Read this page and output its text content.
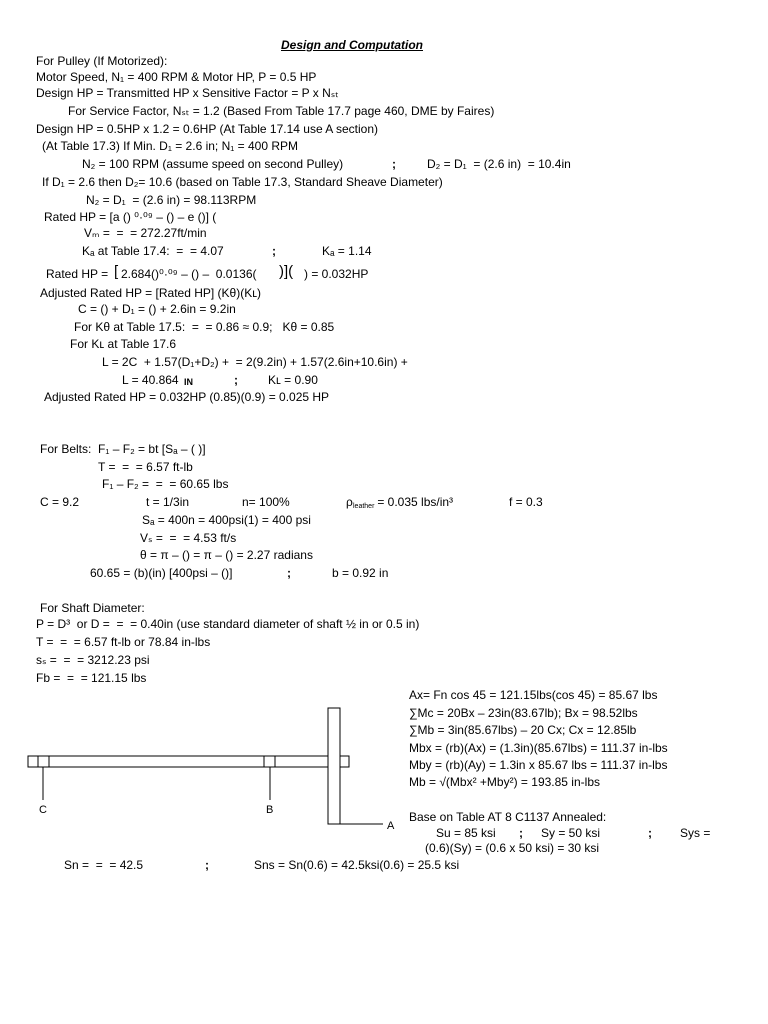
Design and Computation
For Pulley (If Motorized):
Motor Speed, N₁ = 400 RPM & Motor HP, P = 0.5 HP
Design HP = Transmitted HP x Sensitive Factor = P x Nₛₜ
For Service Factor, Nₛₜ = 1.2 (Based From Table 17.7 page 460, DME by Faires)
Design HP = 0.5HP x 1.2 = 0.6HP (At Table 17.14 use A section)
(At Table 17.3) If Min. D₁ = 2.6 in; N₁ = 400 RPM
N₂ = 100 RPM (assume speed on second Pulley)	;	D₂ = D₁  = (2.6 in)  = 10.4in
If D₁ = 2.6 then D₂= 10.6 (based on Table 17.3, Standard Sheave Diameter)
N₂ = D₁  = (2.6 in) = 98.113RPM
Rated HP = [a () ⁰·⁰⁹ – () – e ()] (
Vₘ =  =  = 272.27ft/min
Kₐ at Table 17.4:  =  = 4.07	;	Kₐ = 1.14
Rated HP = [ 2.684()⁰·⁰⁹ – () –  0.0136( )]( ) = 0.032HP
Adjusted Rated HP = [Rated HP] (Kθ)(Kʟ)
C = () + D₁ = () + 2.6in = 9.2in
For Kθ at Table 17.5:  =  = 0.86 ≈ 0.9;   Kθ = 0.85
For Kʟ at Table 17.6
L = 2C  + 1.57(D₁+D₂) +  = 2(9.2in) + 1.57(2.6in+10.6in) +
L = 40.864 IN	;	Kʟ = 0.90
Adjusted Rated HP = 0.032HP (0.85)(0.9) = 0.025 HP
For Belts:  F₁ – F₂ = bt [Sₐ – ( )]
T =  =  = 6.57 ft-lb
F₁ – F₂ =  =  = 60.65 lbs
C = 9.2	t = 1/3in	n= 100%	ρ leather = 0.035 lbs/in³	f = 0.3
Sₐ = 400n = 400psi(1) = 400 psi
Vₛ =  =  = 4.53 ft/s
θ = π – () = π – () = 2.27 radians
60.65 = (b)(in) [400psi – ()]	;	b = 0.92 in
For Shaft Diameter:
P = D³  or D =  =  = 0.40in (use standard diameter of shaft ½ in or 0.5 in)
T =  =  = 6.57 ft-lb or 78.84 in-lbs
sₛ =  =  = 3212.23 psi
Fb =  =  = 121.15 lbs
Ax= Fn cos 45 = 121.15lbs(cos 45) = 85.67 lbs
∑Mc = 20Bx – 23in(83.67lb); Bx = 98.52lbs
∑Mb = 3in(85.67lbs) – 20 Cx; Cx = 12.85lb
Mbx = (rb)(Ax) = (1.3in)(85.67lbs) = 111.37 in-lbs
Mby = (rb)(Ay) = 1.3in x 85.67 lbs = 111.37 in-lbs
Mb = √(Mbx² +Mby²) = 193.85 in-lbs
Base on Table AT 8 C1137 Annealed:
Su = 85 ksi ; Sy = 50 ksi	; Sys =
(0.6)(Sy) = (0.6 x 50 ksi) = 30 ksi
Sn =  =  = 42.5	;	Sns = Sn(0.6) = 42.5ksi(0.6) = 25.5 ksi
C	B
A
